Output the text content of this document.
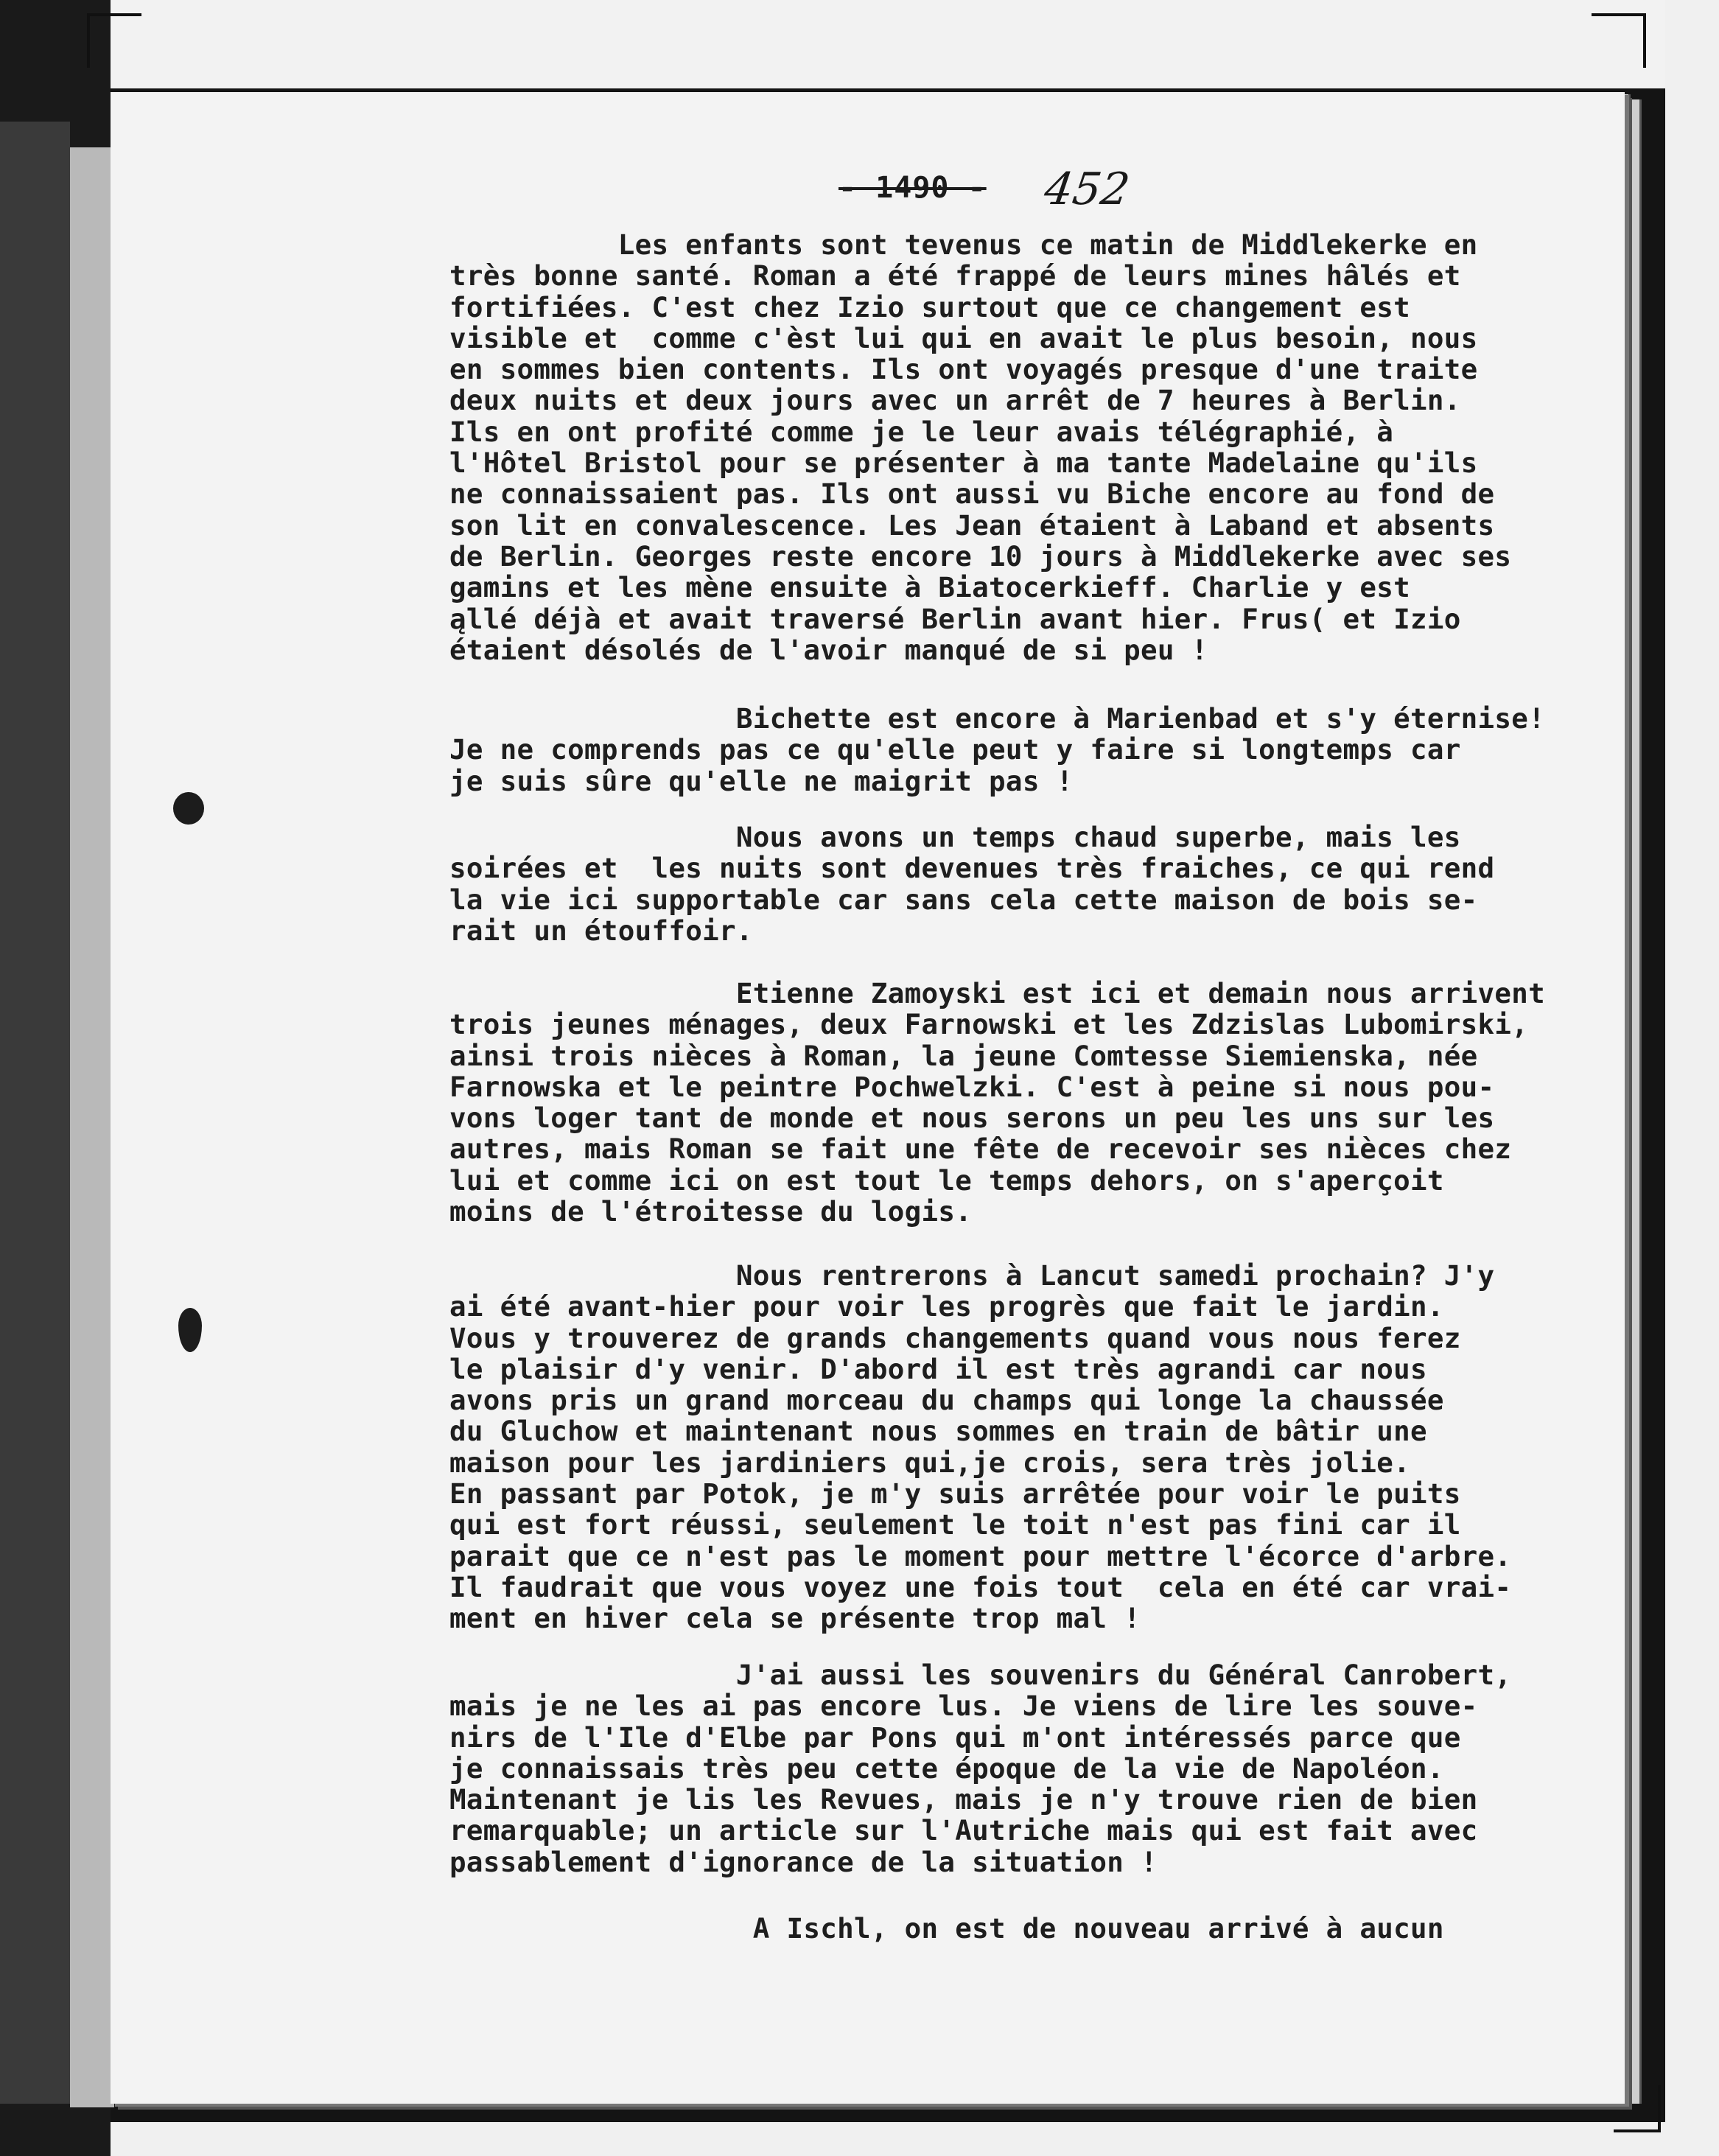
- 1490 - 452
Les enfants sont tevenus ce matin de Middlekerke en
très bonne santé. Roman a été frappé de leurs mines hâlés et
fortifiées. C'est chez Izio surtout que ce changement est
visible et  comme c'èst lui qui en avait le plus besoin, nous
en sommes bien contents. Ils ont voyagés presque d'une traite
deux nuits et deux jours avec un arrêt de 7 heures à Berlin.
Ils en ont profité comme je le leur avais télégraphié, à
l'Hôtel Bristol pour se présenter à ma tante Madelaine qu'ils
ne connaissaient pas. Ils ont aussi vu Biche encore au fond de
son lit en convalescence. Les Jean étaient à Laband et absents
de Berlin. Georges reste encore 10 jours à Middlekerke avec ses
gamins et les mène ensuite à Biatocerkieff. Charlie y est
ąllé déjà et avait traversé Berlin avant hier. Frus( et Izio
étaient désolés de l'avoir manqué de si peu !
Bichette est encore à Marienbad et s'y éternise!
Je ne comprends pas ce qu'elle peut y faire si longtemps car
je suis sûre qu'elle ne maigrit pas !
Nous avons un temps chaud superbe, mais les
soirées et  les nuits sont devenues très fraiches, ce qui rend
la vie ici supportable car sans cela cette maison de bois se-
rait un étouffoir.
Etienne Zamoyski est ici et demain nous arrivent
trois jeunes ménages, deux Farnowski et les Zdzislas Lubomirski,
ainsi trois nièces à Roman, la jeune Comtesse Siemienska, née
Farnowska et le peintre Pochwelzki. C'est à peine si nous pou-
vons loger tant de monde et nous serons un peu les uns sur les
autres, mais Roman se fait une fête de recevoir ses nièces chez
lui et comme ici on est tout le temps dehors, on s'aperçoit
moins de l'étroitesse du logis.
Nous rentrerons à Lancut samedi prochain? J'y
ai été avant-hier pour voir les progrès que fait le jardin.
Vous y trouverez de grands changements quand vous nous ferez
le plaisir d'y venir. D'abord il est très agrandi car nous
avons pris un grand morceau du champs qui longe la chaussée
du Gluchow et maintenant nous sommes en train de bâtir une
maison pour les jardiniers qui,je crois, sera très jolie.
En passant par Potok, je m'y suis arrêtée pour voir le puits
qui est fort réussi, seulement le toit n'est pas fini car il
parait que ce n'est pas le moment pour mettre l'écorce d'arbre.
Il faudrait que vous voyez une fois tout  cela en été car vrai-
ment en hiver cela se présente trop mal !
J'ai aussi les souvenirs du Général Canrobert,
mais je ne les ai pas encore lus. Je viens de lire les souve-
nirs de l'Ile d'Elbe par Pons qui m'ont intéressés parce que
je connaissais très peu cette époque de la vie de Napoléon.
Maintenant je lis les Revues, mais je n'y trouve rien de bien
remarquable; un article sur l'Autriche mais qui est fait avec
passablement d'ignorance de la situation !
A Ischl, on est de nouveau arrivé à aucun
